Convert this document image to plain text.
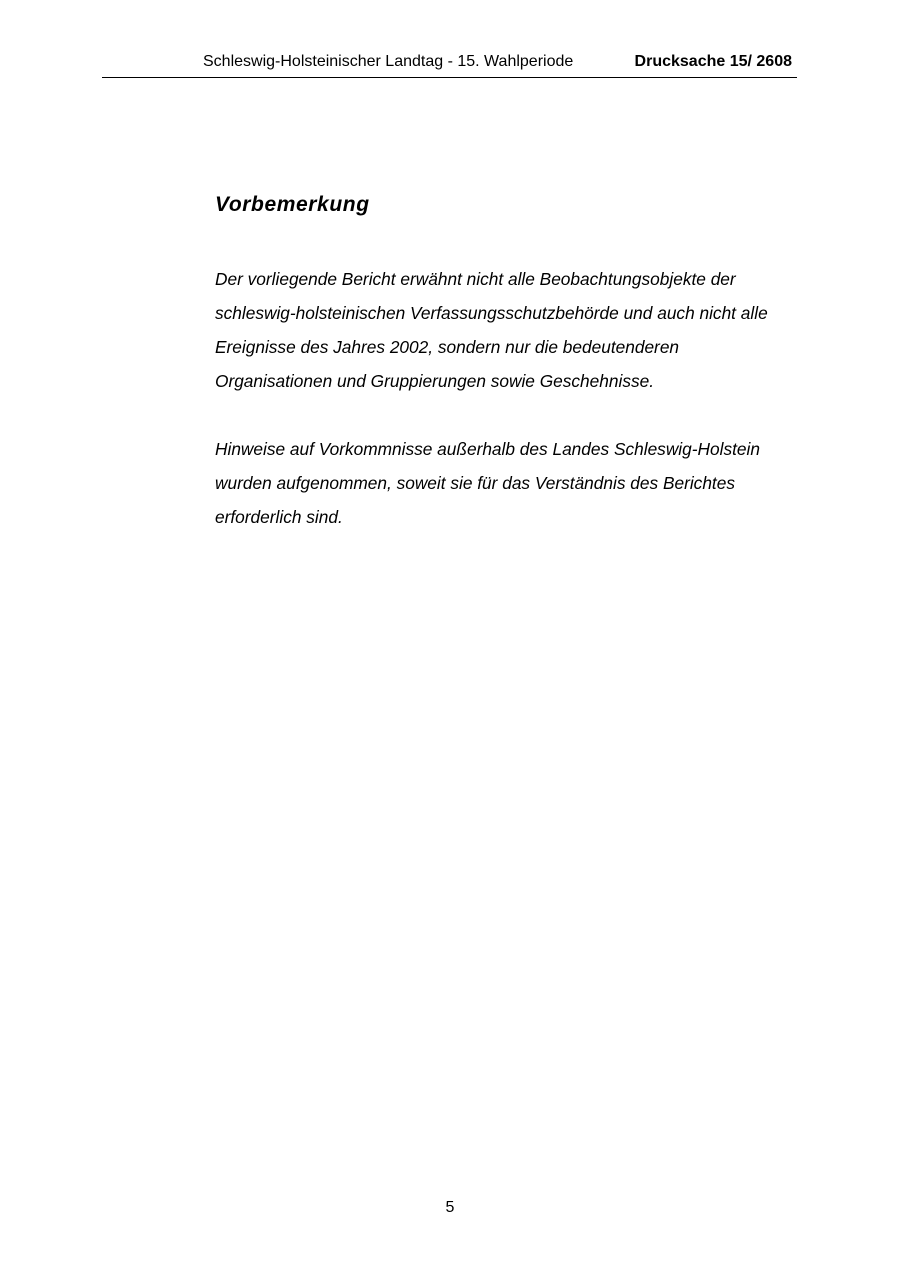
Schleswig-Holsteinischer Landtag - 15. Wahlperiode	Drucksache 15/ 2608
Vorbemerkung

Der vorliegende Bericht erwähnt nicht alle Beobachtungsobjekte der
schleswig-holsteinischen Verfassungsschutzbehörde und auch nicht alle
Ereignisse des Jahres 2002, sondern nur die bedeutenderen
Organisationen und Gruppierungen sowie Geschehnisse.

Hinweise auf Vorkommnisse außerhalb des Landes Schleswig-Holstein
wurden aufgenommen, soweit sie für das Verständnis des Berichtes
erforderlich sind.

5
